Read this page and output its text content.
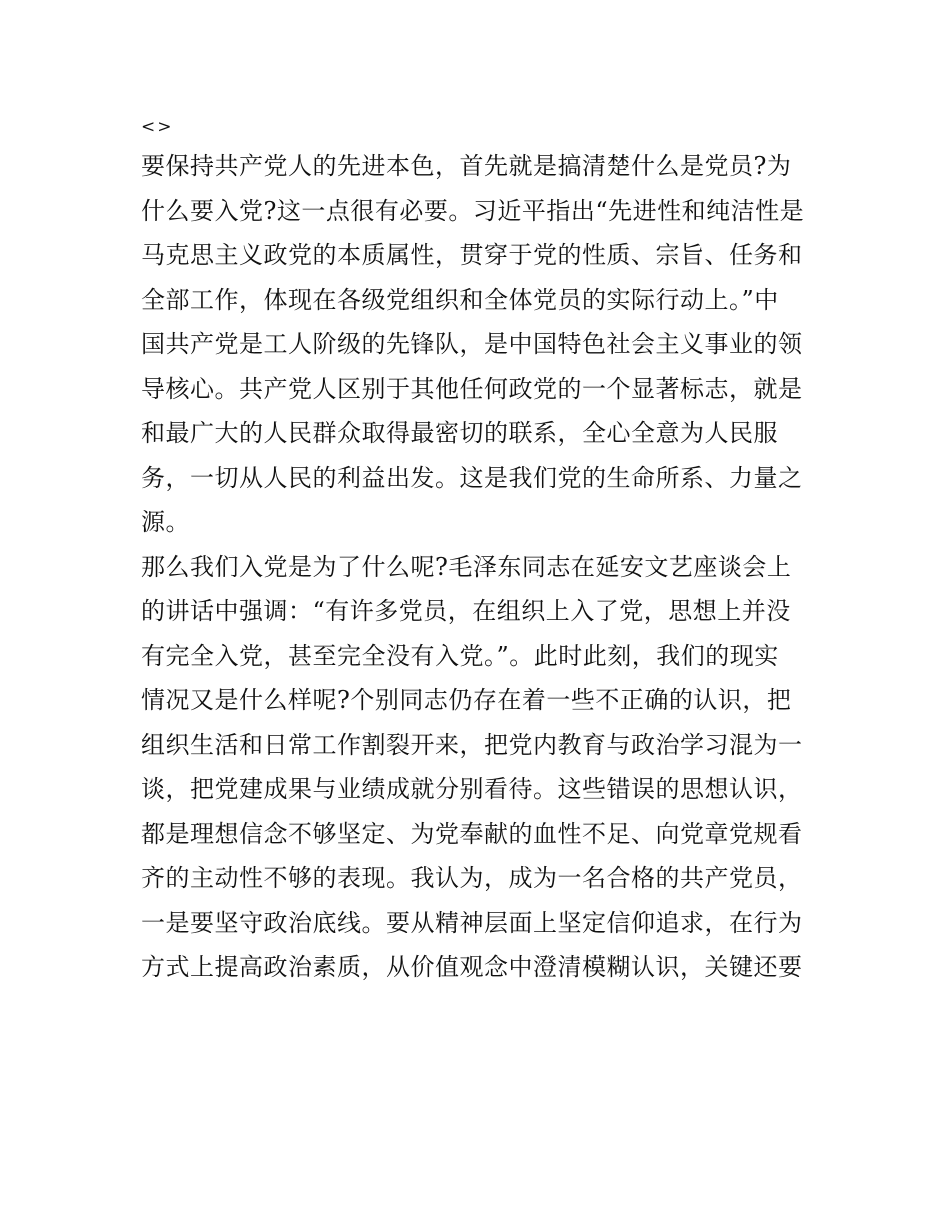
<>
要保持共产党人的先进本色，首先就是搞清楚什么是党员?为
什么要入党?这一点很有必要。习近平指出“先进性和纯洁性是
马克思主义政党的本质属性，贯穿于党的性质、宗旨、任务和
全部工作，体现在各级党组织和全体党员的实际行动上。”中
国共产党是工人阶级的先锋队，是中国特色社会主义事业的领
导核心。共产党人区别于其他任何政党的一个显著标志，就是
和最广大的人民群众取得最密切的联系，全心全意为人民服
务，一切从人民的利益出发。这是我们党的生命所系、力量之
源。
那么我们入党是为了什么呢?毛泽东同志在延安文艺座谈会上
的讲话中强调：“有许多党员，在组织上入了党，思想上并没
有完全入党，甚至完全没有入党。”。此时此刻，我们的现实
情况又是什么样呢?个别同志仍存在着一些不正确的认识，把
组织生活和日常工作割裂开来，把党内教育与政治学习混为一
谈，把党建成果与业绩成就分别看待。这些错误的思想认识，
都是理想信念不够坚定、为党奉献的血性不足、向党章党规看
齐的主动性不够的表现。我认为，成为一名合格的共产党员，
一是要坚守政治底线。要从精神层面上坚定信仰追求，在行为
方式上提高政治素质，从价值观念中澄清模糊认识，关键还要
